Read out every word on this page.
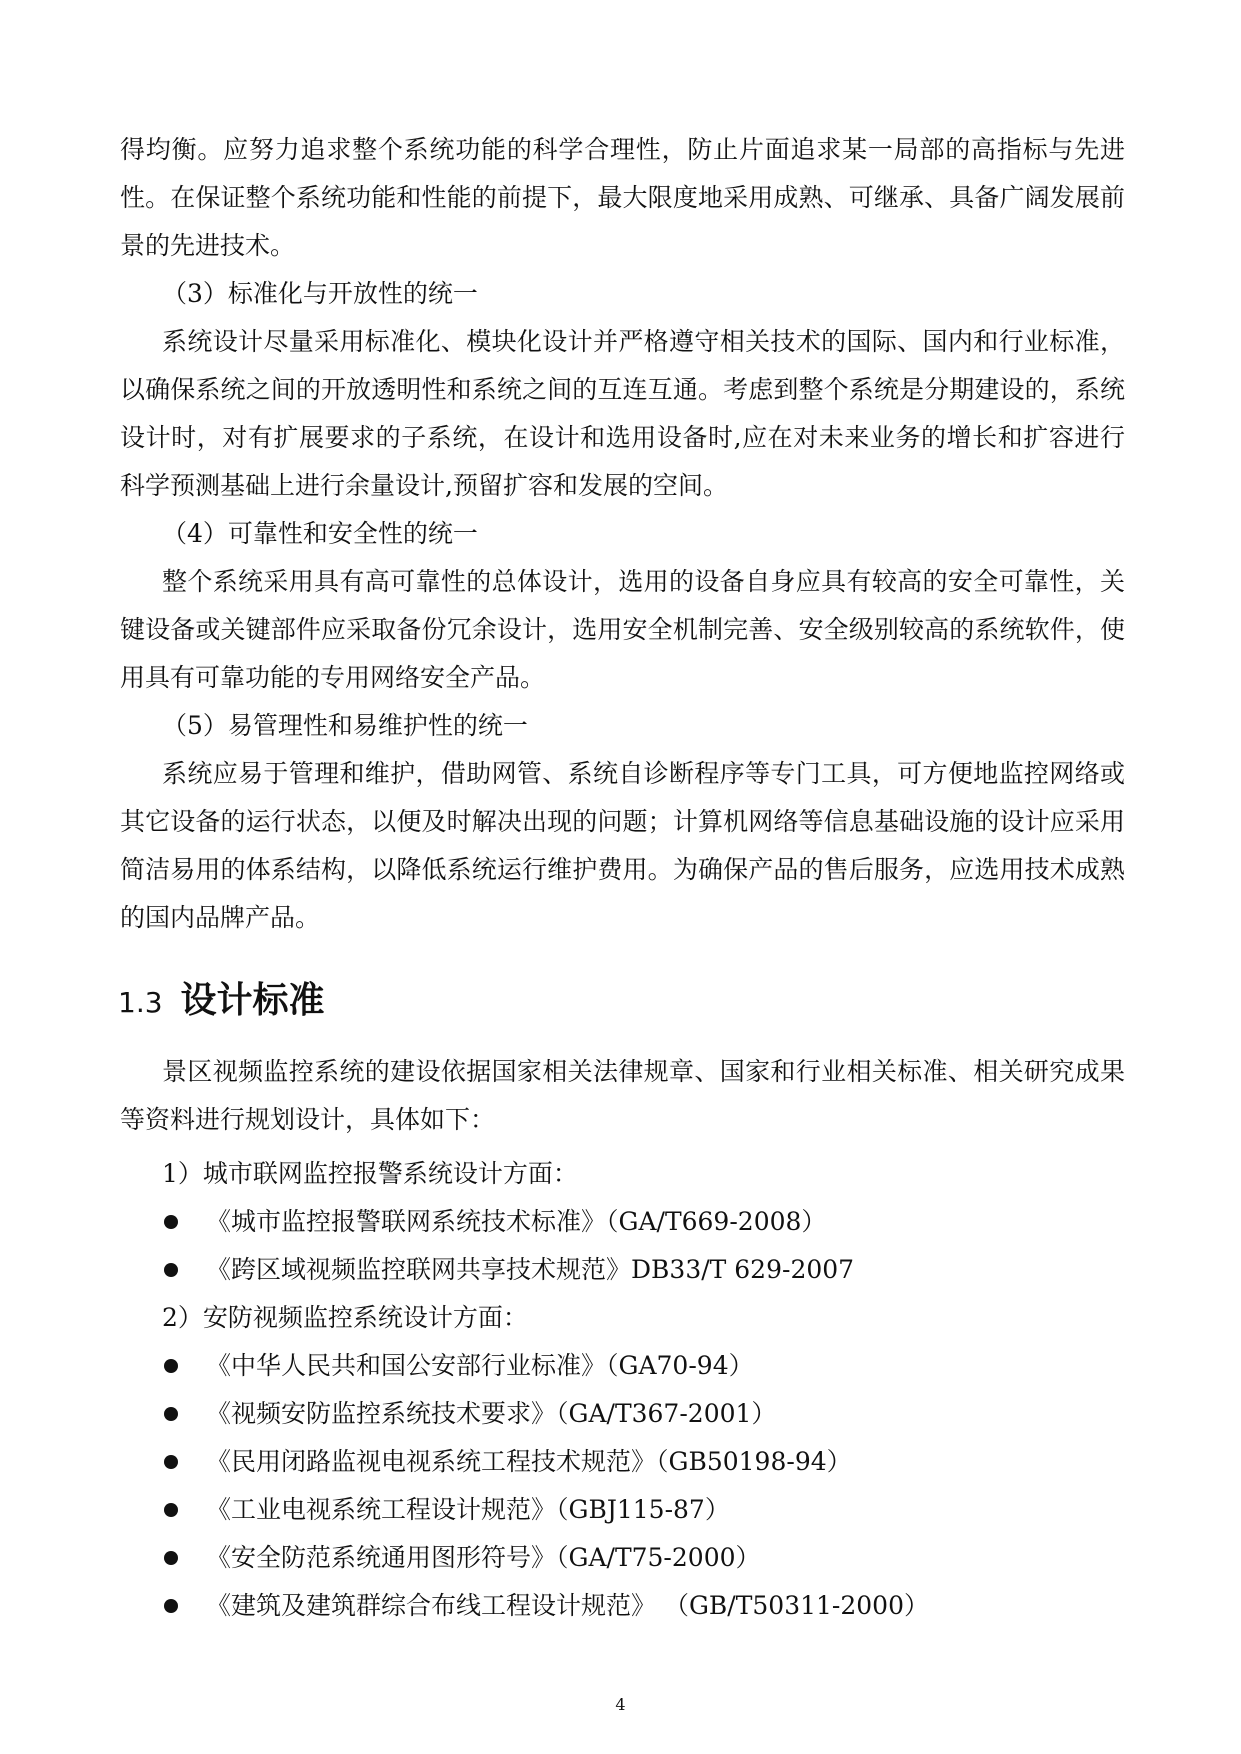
得均衡。应努力追求整个系统功能的科学合理性，防止片面追求某一局部的高指标与先进性。在保证整个系统功能和性能的前提下，最大限度地采用成熟、可继承、具备广阔发展前景的先进技术。

（3）标准化与开放性的统一

系统设计尽量采用标准化、模块化设计并严格遵守相关技术的国际、国内和行业标准，以确保系统之间的开放透明性和系统之间的互连互通。考虑到整个系统是分期建设的，系统设计时，对有扩展要求的子系统，在设计和选用设备时,应在对未来业务的增长和扩容进行科学预测基础上进行余量设计,预留扩容和发展的空间。

（4）可靠性和安全性的统一

整个系统采用具有高可靠性的总体设计，选用的设备自身应具有较高的安全可靠性，关键设备或关键部件应采取备份冗余设计，选用安全机制完善、安全级别较高的系统软件，使用具有可靠功能的专用网络安全产品。

（5）易管理性和易维护性的统一

系统应易于管理和维护，借助网管、系统自诊断程序等专门工具，可方便地监控网络或其它设备的运行状态，以便及时解决出现的问题；计算机网络等信息基础设施的设计应采用简洁易用的体系结构，以降低系统运行维护费用。为确保产品的售后服务，应选用技术成熟的国内品牌产品。

1.3 设计标准

景区视频监控系统的建设依据国家相关法律规章、国家和行业相关标准、相关研究成果等资料进行规划设计，具体如下：

1）城市联网监控报警系统设计方面：

《城市监控报警联网系统技术标准》（GA/T669-2008）
《跨区域视频监控联网共享技术规范》DB33/T 629-2007

2）安防视频监控系统设计方面：

《中华人民共和国公安部行业标准》（GA70-94）
《视频安防监控系统技术要求》（GA/T367-2001）
《民用闭路监视电视系统工程技术规范》（GB50198-94）
《工业电视系统工程设计规范》（GBJ115-87）
《安全防范系统通用图形符号》（GA/T75-2000）
《建筑及建筑群综合布线工程设计规范》 （GB/T50311-2000）
4
